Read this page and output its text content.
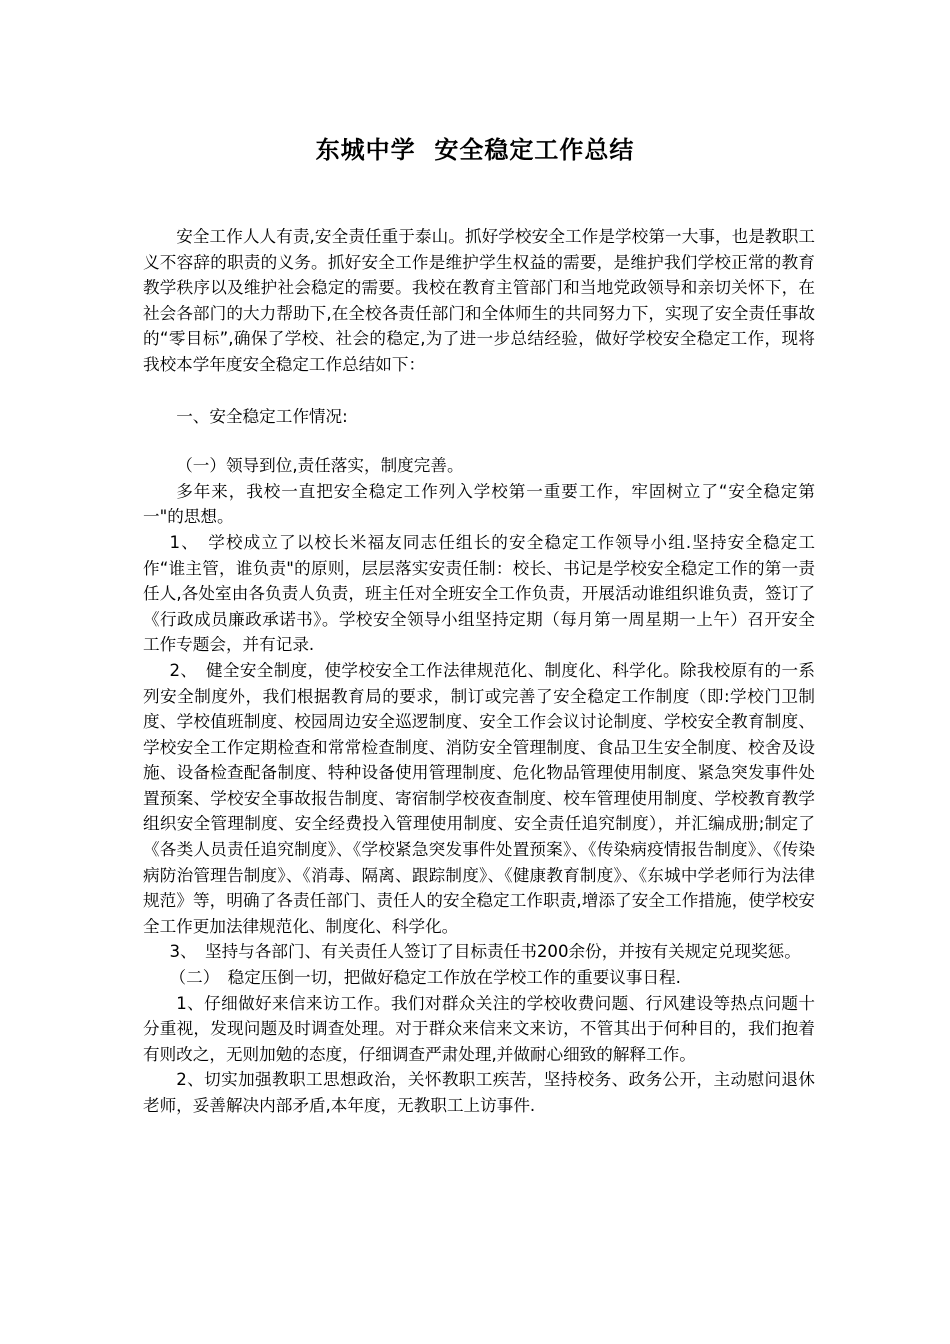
东城中学  安全稳定工作总结

安全工作人人有责,安全责任重于泰山。抓好学校安全工作是学校第一大事，也是教职工义不容辞的职责的义务。抓好安全工作是维护学生权益的需要，是维护我们学校正常的教育教学秩序以及维护社会稳定的需要。我校在教育主管部门和当地党政领导和亲切关怀下，在社会各部门的大力帮助下,在全校各责任部门和全体师生的共同努力下，实现了安全责任事故的“零目标”,确保了学校、社会的稳定,为了进一步总结经验，做好学校安全稳定工作，现将我校本学年度安全稳定工作总结如下：

一、安全稳定工作情况:

（一）领导到位,责任落实，制度完善。

多年来，我校一直把安全稳定工作列入学校第一重要工作，牢固树立了“安全稳定第一"的思想。

1、　学校成立了以校长米福友同志任组长的安全稳定工作领导小组.坚持安全稳定工作“谁主管，谁负责"的原则，层层落实安责任制：校长、书记是学校安全稳定工作的第一责任人,各处室由各负责人负责，班主任对全班安全工作负责，开展活动谁组织谁负责，签订了《行政成员廉政承诺书》。学校安全领导小组坚持定期（每月第一周星期一上午）召开安全工作专题会，并有记录.

2、　健全安全制度，使学校安全工作法律规范化、制度化、科学化。除我校原有的一系列安全制度外，我们根据教育局的要求，制订或完善了安全稳定工作制度（即:学校门卫制度、学校值班制度、校园周边安全巡逻制度、安全工作会议讨论制度、学校安全教育制度、学校安全工作定期检查和常常检查制度、消防安全管理制度、食品卫生安全制度、校舍及设施、设备检查配备制度、特种设备使用管理制度、危化物品管理使用制度、紧急突发事件处置预案、学校安全事故报告制度、寄宿制学校夜查制度、校车管理使用制度、学校教育教学组织安全管理制度、安全经费投入管理使用制度、安全责任追究制度），并汇编成册;制定了《各类人员责任追究制度》、《学校紧急突发事件处置预案》、《传染病疫情报告制度》、《传染病防治管理告制度》、《消毒、隔离、跟踪制度》、《健康教育制度》、《东城中学老师行为法律规范》等，明确了各责任部门、责任人的安全稳定工作职责,增添了安全工作措施，使学校安全工作更加法律规范化、制度化、科学化。

3、　坚持与各部门、有关责任人签订了目标责任书200余份，并按有关规定兑现奖惩。

（二）　稳定压倒一切，把做好稳定工作放在学校工作的重要议事日程.

1、仔细做好来信来访工作。我们对群众关注的学校收费问题、行风建设等热点问题十分重视，发现问题及时调查处理。对于群众来信来文来访，不管其出于何种目的，我们抱着有则改之，无则加勉的态度，仔细调查严肃处理,并做耐心细致的解释工作。

2、切实加强教职工思想政治，关怀教职工疾苦，坚持校务、政务公开，主动慰问退休老师，妥善解决内部矛盾,本年度，无教职工上访事件.
